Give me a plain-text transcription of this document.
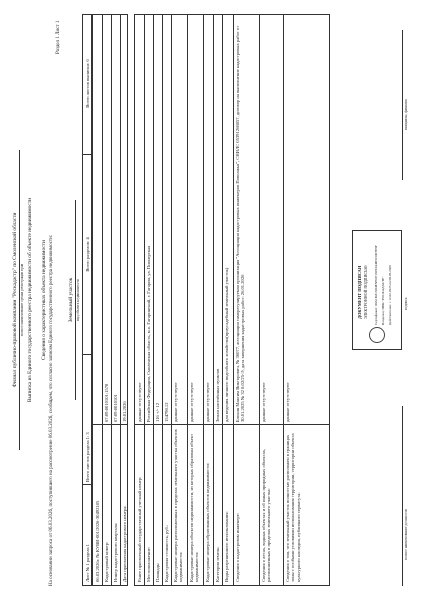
Филиал публично-правовой компании "Роскадастр" по Смоленской области полное наименование органа регистрации прав Выписка из Единого государственного реестра недвижимости об объекте недвижимости Сведения о характеристиках объекта недвижимости На основании запроса от 06.03.2026, поступившего на рассмотрение 06.03.2026, сообщаем, что согласно записям Единого государственного реестра недвижимости:
Раздел 1 Лист 1
Земельный участок вид объекта недвижимости
Лист № 1 раздела 1
Всего листов раздела 1: 3
Всего разделов: 4
Всего листов выписки: 6
06.03.2026г. № КУВИ-001/2026-30492185 Кадастровый номер:
67:09:0010101:1578
Номер кадастрового квартала:
67:09:0010101
Дата присвоения кадастрового номера:
19.01.2026
Ранее присвоенный государственный учетный номер:
данные отсутствуют
Местоположение:
Российская Федерация, Смоленская область, м.о. Гагаринский, г. Гагарин, ул. Пионерская
Площадь:
116 +/- 12
Кадастровая стоимость, руб.:
154798.12
Кадастровые номера расположенных в пределах земельного участка объектов недвижимости:
данные отсутствуют
Кадастровые номера объектов недвижимости, из которых образован объект недвижимости:
данные отсутствуют
Кадастровые номера образованных объектов недвижимости:
данные отсутствуют
Категория земель:
Земли населённых пунктов
Виды разрешенного использования:
для ведения личного подсобного хозяйства(приусадебный земельный участок)
Сведения о кадастровом инженере:
Блохин Максим Викторович, № 36077, ассоциация саморегулируемая организация "Ассоциация кадастровых инженеров Поволжья", СНИЛС 05391268857, договор на выполнение кадастровых работ от 30.01.2025 № 32 8.02/25-Э, дата завершения кадастровых работ: 26.01.2026
Сведения о лесах, водных объектах и об иных природных объектах, расположенных в пределах земельного участка:
данные отсутствуют
Сведения о том, что земельный участок полностью расположен в границах зоны с особыми условиями использования территории, территории объекта культурного наследия, публичного сервитута:
данные отсутствуют
полное наименование должности
ДОКУМЕНТ ПОДПИСАН ЭЛЕКТРОННОЙ ПОДПИСЬЮ Сертификат: 00A1B2C3D4E5F60718293A4B5C6D7E8F Владелец: ППК "РОСКАДАСТР" Действителен: с 12.02.2025 по 08.05.2026	подпись
инициалы, фамилия
